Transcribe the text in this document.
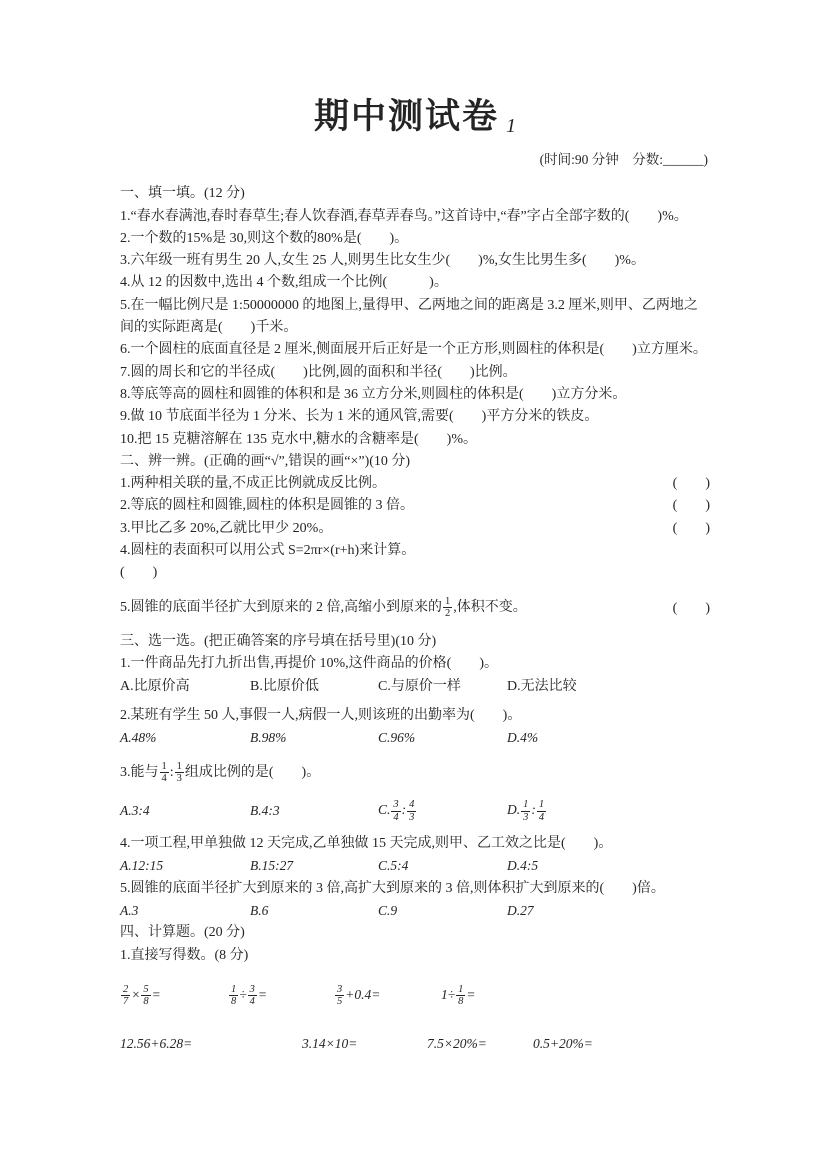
期中测试卷 1
(时间:90 分钟　分数:______)
一、填一填。(12 分)

1.“春水春满池,春时春草生;春人饮春酒,春草弄春鸟。”这首诗中,“春”字占全部字数的(　　)%。

2.一个数的15%是 30,则这个数的80%是(　　)。

3.六年级一班有男生 20 人,女生 25 人,则男生比女生少(　　)%,女生比男生多(　　)%。

4.从 12 的因数中,选出 4 个数,组成一个比例(　　　)。

5.在一幅比例尺是 1:50000000 的地图上,量得甲、乙两地之间的距离是 3.2 厘米,则甲、乙两地之间的实际距离是(　　)千米。

6.一个圆柱的底面直径是 2 厘米,侧面展开后正好是一个正方形,则圆柱的体积是(　　)立方厘米。

7.圆的周长和它的半径成(　　)比例,圆的面积和半径(　　)比例。

8.等底等高的圆柱和圆锥的体积和是 36 立方分米,则圆柱的体积是(　　)立方分米。

9.做 10 节底面半径为 1 分米、长为 1 米的通风管,需要(　　)平方分米的铁皮。

10.把 15 克糖溶解在 135 克水中,糖水的含糖率是(　　)%。

二、辨一辨。(正确的画“√”,错误的画“×”)(10 分)
1.两种相关联的量,不成正比例就成反比例。	(　　)
2.等底的圆柱和圆锥,圆柱的体积是圆锥的 3 倍。	(　　)
3.甲比乙多 20%,乙就比甲少 20%。	(　　)
4.圆柱的表面积可以用公式 S=2πr×(r+h)来计算。
(　　)
5.圆锥的底面半径扩大到原来的 2 倍,高缩小到原来的 $\frac{1}{2}$ ,体积不变。	(　　)
三、选一选。(把正确答案的序号填在括号里)(10 分)
1.一件商品先打九折出售,再提价 10%,这件商品的价格(　　)。
A.比原价高	B.比原价低	C.与原价一样	D.无法比较
2.某班有学生 50 人,事假一人,病假一人,则该班的出勤率为(　　)。
A.48%	B.98%	C.96%	D.4%
3.能与 $\frac{1}{4}$ : $\frac{1}{3}$ 组成比例的是(　　)。
A.3:4	B.4:3	C. $\frac{3}{4}$ : $\frac{4}{3}$	D. $\frac{1}{3}$ : $\frac{1}{4}$
4.一项工程,甲单独做 12 天完成,乙单独做 15 天完成,则甲、乙工效之比是(　　)。
A.12:15	B.15:27	C.5:4	D.4:5
5.圆锥的底面半径扩大到原来的 3 倍,高扩大到原来的 3 倍,则体积扩大到原来的(　　)倍。
A.3	B.6	C.9	D.27
四、计算题。(20 分)
1.直接写得数。(8 分)
$\frac{2}{7} \times \frac{5}{8}$ =	$\frac{1}{8} \div \frac{3}{4}$ =	$\frac{3}{5} +0.4=$	$1\div \frac{1}{8}$ =
12.56+6.28=	3.14×10=	7.5×20%=	0.5+20%=
